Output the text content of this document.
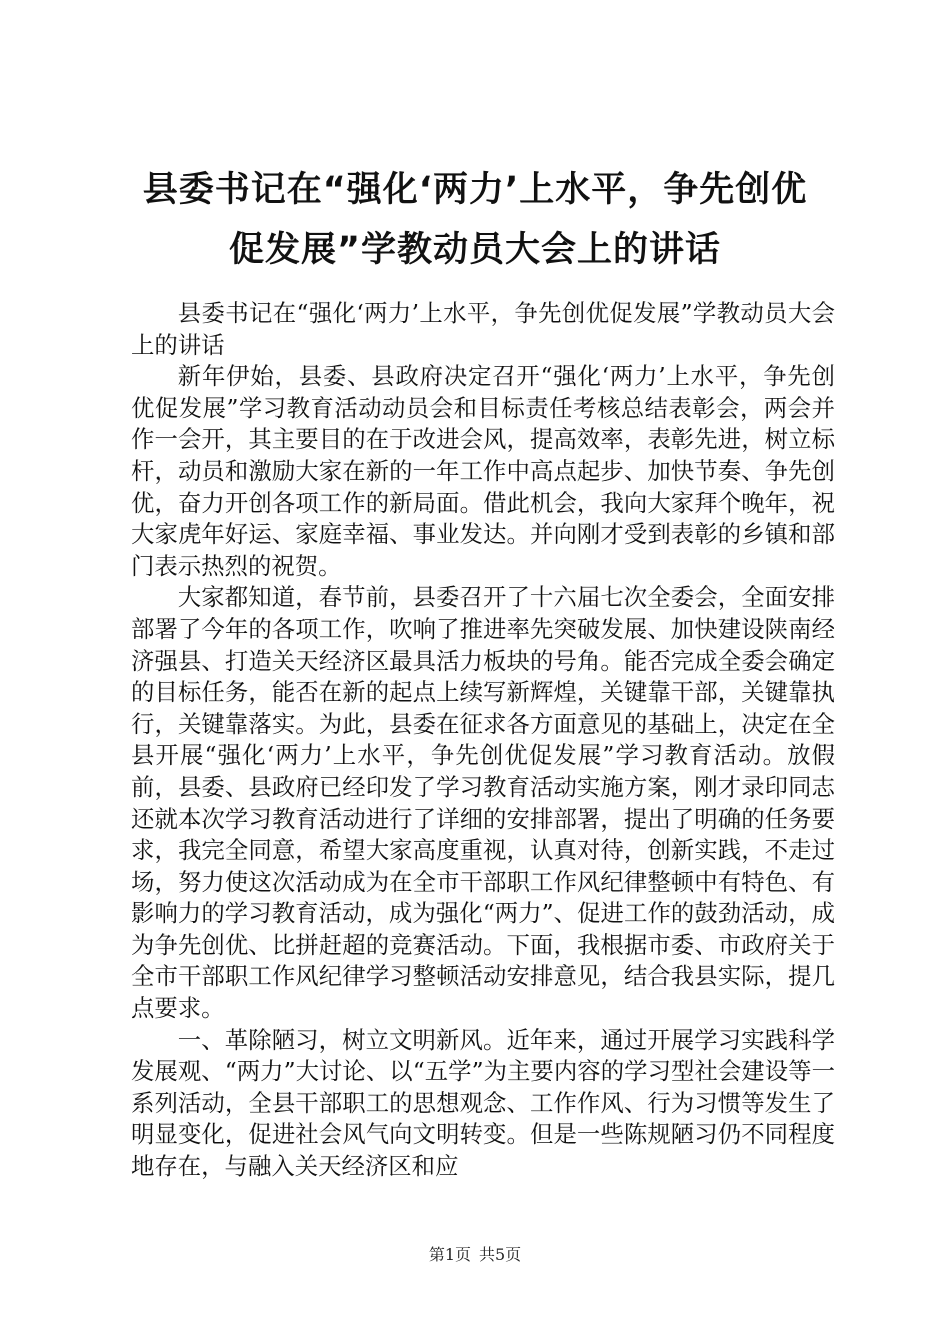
县委书记在“强化‘两力’上水平，争先创优
促发展”学教动员大会上的讲话

县委书记在“强化‘两力’上水平，争先创优促发展”学教动员大会上的讲话

新年伊始，县委、县政府决定召开“强化‘两力’上水平，争先创优促发展”学习教育活动动员会和目标责任考核总结表彰会，两会并作一会开，其主要目的在于改进会风，提高效率，表彰先进，树立标杆，动员和激励大家在新的一年工作中高点起步、加快节奏、争先创优，奋力开创各项工作的新局面。借此机会，我向大家拜个晚年，祝大家虎年好运、家庭幸福、事业发达。并向刚才受到表彰的乡镇和部门表示热烈的祝贺。

大家都知道，春节前，县委召开了十六届七次全委会，全面安排部署了今年的各项工作，吹响了推进率先突破发展、加快建设陕南经济强县、打造关天经济区最具活力板块的号角。能否完成全委会确定的目标任务，能否在新的起点上续写新辉煌，关键靠干部，关键靠执行，关键靠落实。为此，县委在征求各方面意见的基础上，决定在全县开展“强化‘两力’上水平，争先创优促发展”学习教育活动。放假前，县委、县政府已经印发了学习教育活动实施方案，刚才录印同志还就本次学习教育活动进行了详细的安排部署，提出了明确的任务要求，我完全同意，希望大家高度重视，认真对待，创新实践，不走过场，努力使这次活动成为在全市干部职工作风纪律整顿中有特色、有影响力的学习教育活动，成为强化“两力”、促进工作的鼓劲活动，成为争先创优、比拼赶超的竞赛活动。下面，我根据市委、市政府关于全市干部职工作风纪律学习整顿活动安排意见，结合我县实际，提几点要求。

一、革除陋习，树立文明新风。近年来，通过开展学习实践科学发展观、“两力”大讨论、以“五学”为主要内容的学习型社会建设等一系列活动，全县干部职工的思想观念、工作作风、行为习惯等发生了明显变化，促进社会风气向文明转变。但是一些陈规陋习仍不同程度地存在，与融入关天经济区和应

第1页 共5页
